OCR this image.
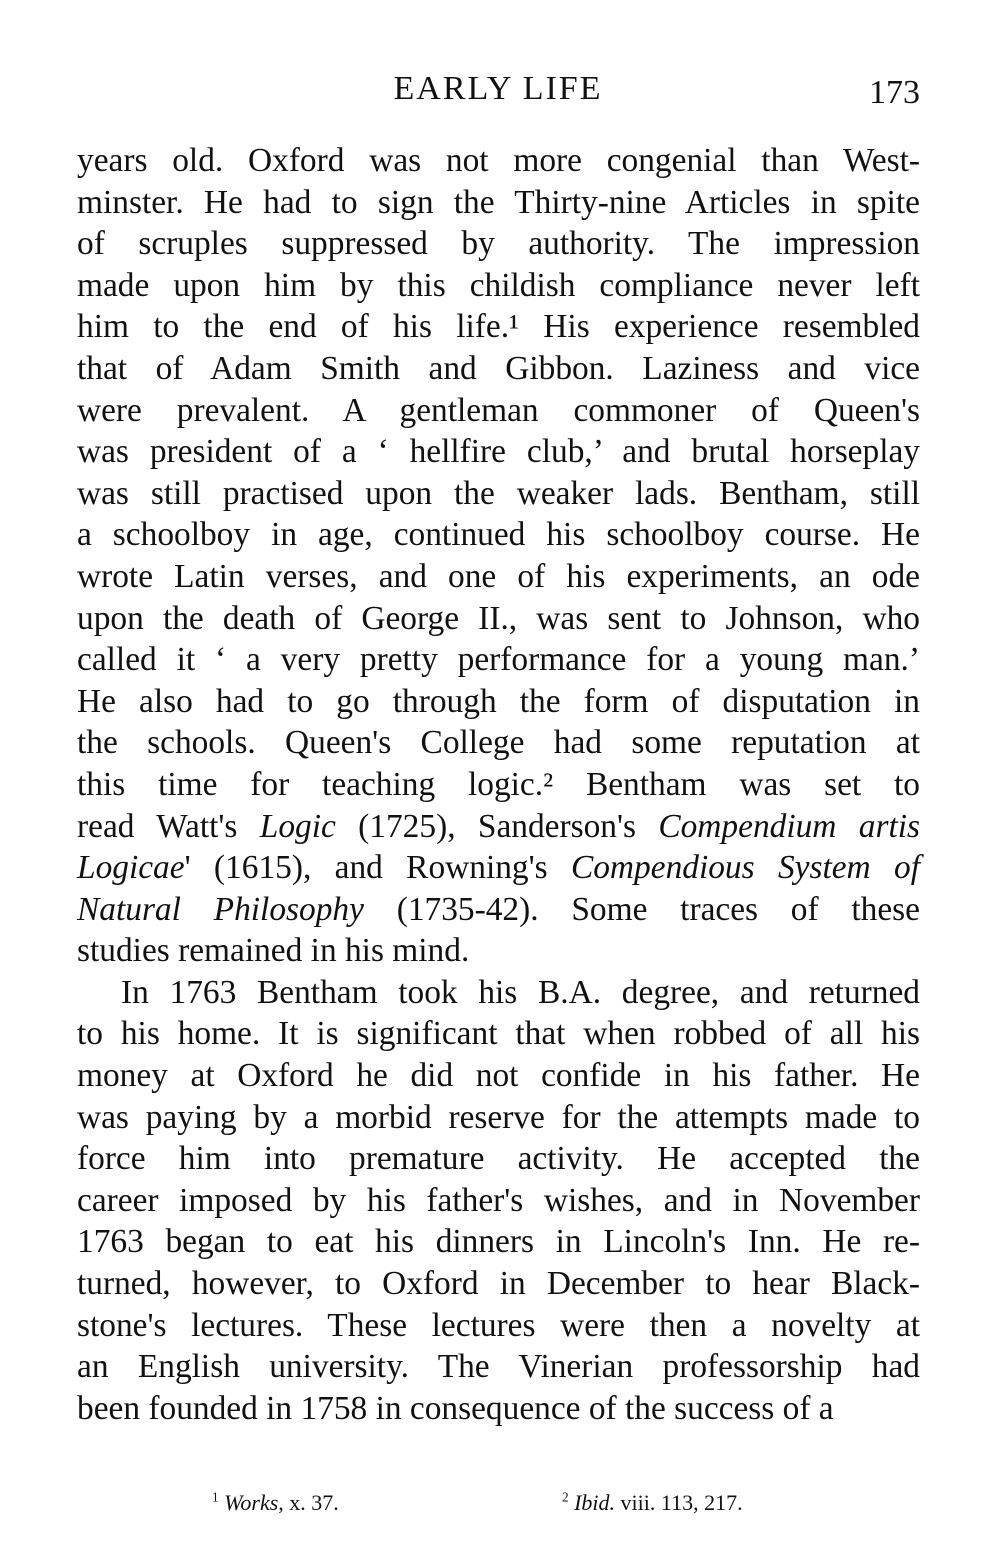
EARLY LIFE	173
years old. Oxford was not more congenial than West-
minster. He had to sign the Thirty-nine Articles in spite
of scruples suppressed by authority. The impression
made upon him by this childish compliance never left
him to the end of his life.¹ His experience resembled
that of Adam Smith and Gibbon. Laziness and vice
were prevalent. A gentleman commoner of Queen's
was president of a ‘ hellfire club,’ and brutal horseplay
was still practised upon the weaker lads. Bentham, still
a schoolboy in age, continued his schoolboy course. He
wrote Latin verses, and one of his experiments, an ode
upon the death of George II., was sent to Johnson, who
called it ‘ a very pretty performance for a young man.’
He also had to go through the form of disputation in
the schools. Queen's College had some reputation at
this time for teaching logic.² Bentham was set to
read Watt's Logic (1725), Sanderson's Compendium artis
Logicae' (1615), and Rowning's Compendious System of
Natural Philosophy (1735-42). Some traces of these
studies remained in his mind.
In 1763 Bentham took his B.A. degree, and returned
to his home. It is significant that when robbed of all his
money at Oxford he did not confide in his father. He
was paying by a morbid reserve for the attempts made to
force him into premature activity. He accepted the
career imposed by his father's wishes, and in November
1763 began to eat his dinners in Lincoln's Inn. He re-
turned, however, to Oxford in December to hear Black-
stone's lectures. These lectures were then a novelty at
an English university. The Vinerian professorship had
been founded in 1758 in consequence of the success of a
$^1$ Works, x. 37.	$^2$ Ibid. viii. 113, 217.
